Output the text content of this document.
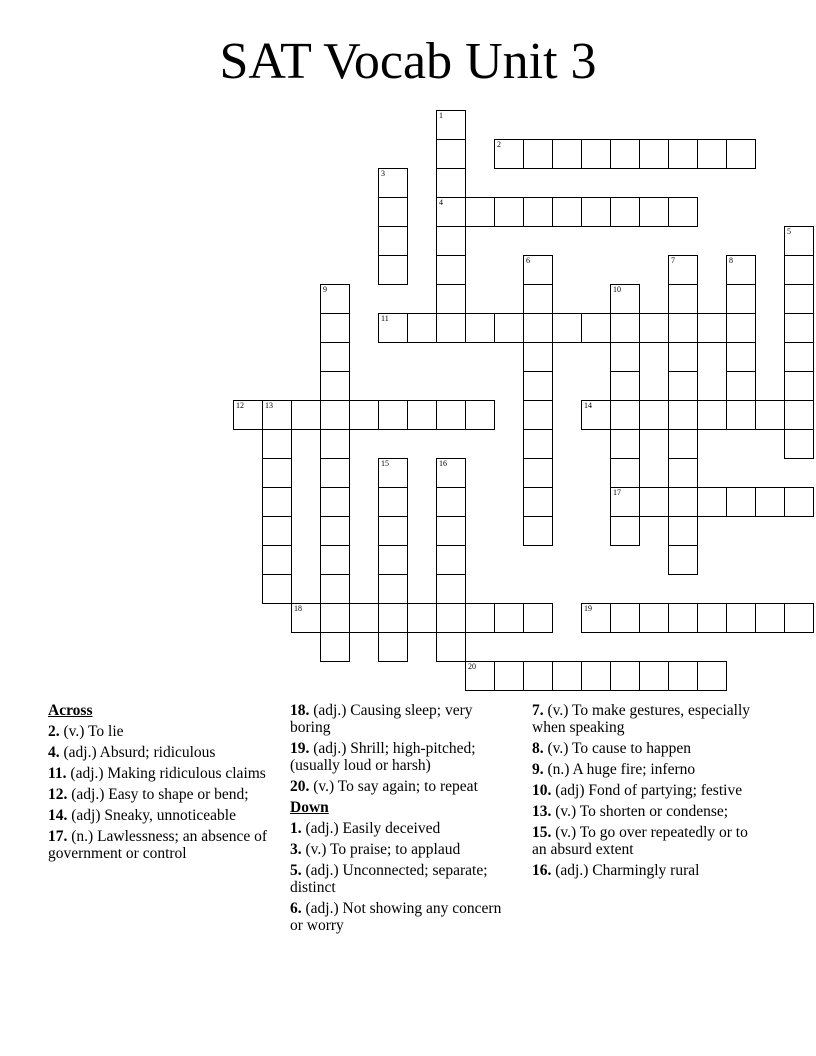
SAT Vocab Unit 3
1
4
2
3
5
6	7	8
9	10
17
11
12	13	14
15	16
18	19
20
Across
2. (v.) To lie
4. (adj.) Absurd; ridiculous
11. (adj.) Making ridiculous claims
12. (adj.) Easy to shape or bend;
14. (adj) Sneaky, unnoticeable
17. (n.) Lawlessness; an absence of government or control
18. (adj.) Causing sleep; very boring
19. (adj.) Shrill; high-pitched; (usually loud or harsh)
20. (v.) To say again; to repeat
Down
1. (adj.) Easily deceived
3. (v.) To praise; to applaud
5. (adj.) Unconnected; separate; distinct
6. (adj.) Not showing any concern or worry
7. (v.) To make gestures, especially when speaking
8. (v.) To cause to happen
9. (n.) A huge fire; inferno
10. (adj) Fond of partying; festive
13. (v.) To shorten or condense;
15. (v.) To go over repeatedly or to an absurd extent
16. (adj.) Charmingly rural
